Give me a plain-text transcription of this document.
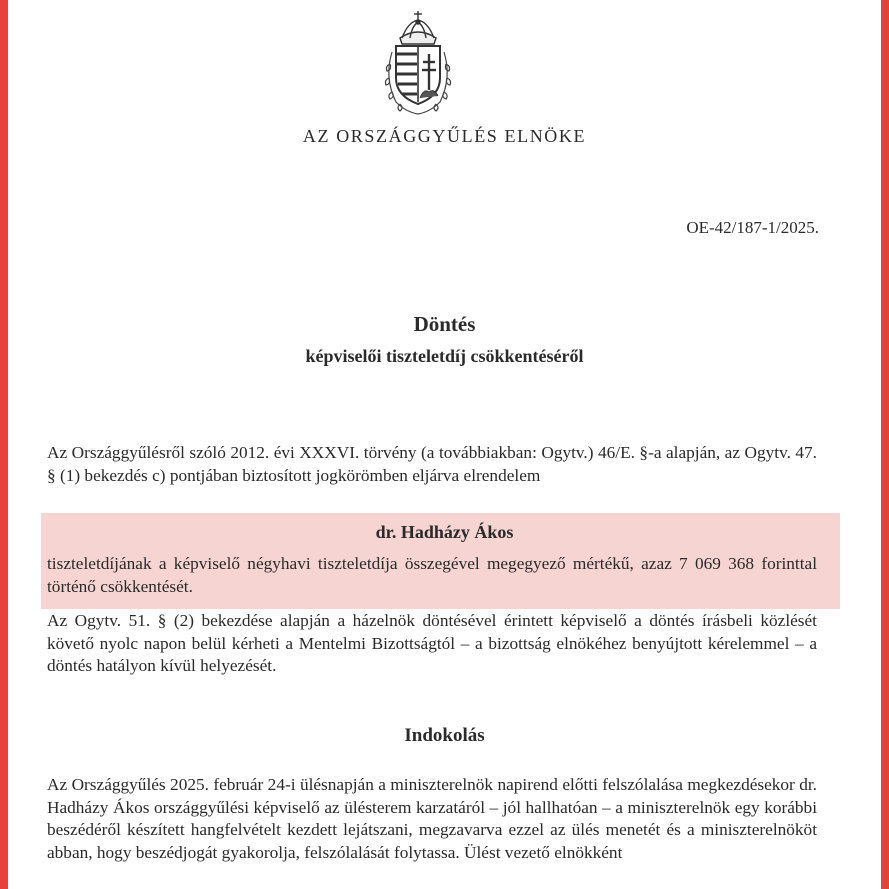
AZ ORSZÁGGYŰLÉS ELNÖKE
OE-42/187-1/2025.
Döntés
képviselői tiszteletdíj csökkentéséről

Az Országgyűlésről szóló 2012. évi XXXVI. törvény (a továbbiakban: Ogytv.) 46/E. §-a alapján, az Ogytv. 47. § (1) bekezdés c) pontjában biztosított jogkörömben eljárva elrendelem

dr. Hadházy Ákos

tiszteletdíjának a képviselő négyhavi tiszteletdíja összegével megegyező mértékű, azaz 7 069 368 forinttal történő csökkentését.

Az Ogytv. 51. § (2) bekezdése alapján a házelnök döntésével érintett képviselő a döntés írásbeli közlését követő nyolc napon belül kérheti a Mentelmi Bizottságtól – a bizottság elnökéhez benyújtott kérelemmel – a döntés hatályon kívül helyezését.

Indokolás

Az Országgyűlés 2025. február 24-i ülésnapján a miniszterelnök napirend előtti felszólalása megkezdésekor dr. Hadházy Ákos országgyűlési képviselő az ülésterem karzatáról – jól hallhatóan – a miniszterelnök egy korábbi beszédéről készített hangfelvételt kezdett lejátszani, megzavarva ezzel az ülés menetét és a miniszterelnököt abban, hogy beszédjogát gyakorolja, felszólalását folytassa. Ülést vezető elnökként
